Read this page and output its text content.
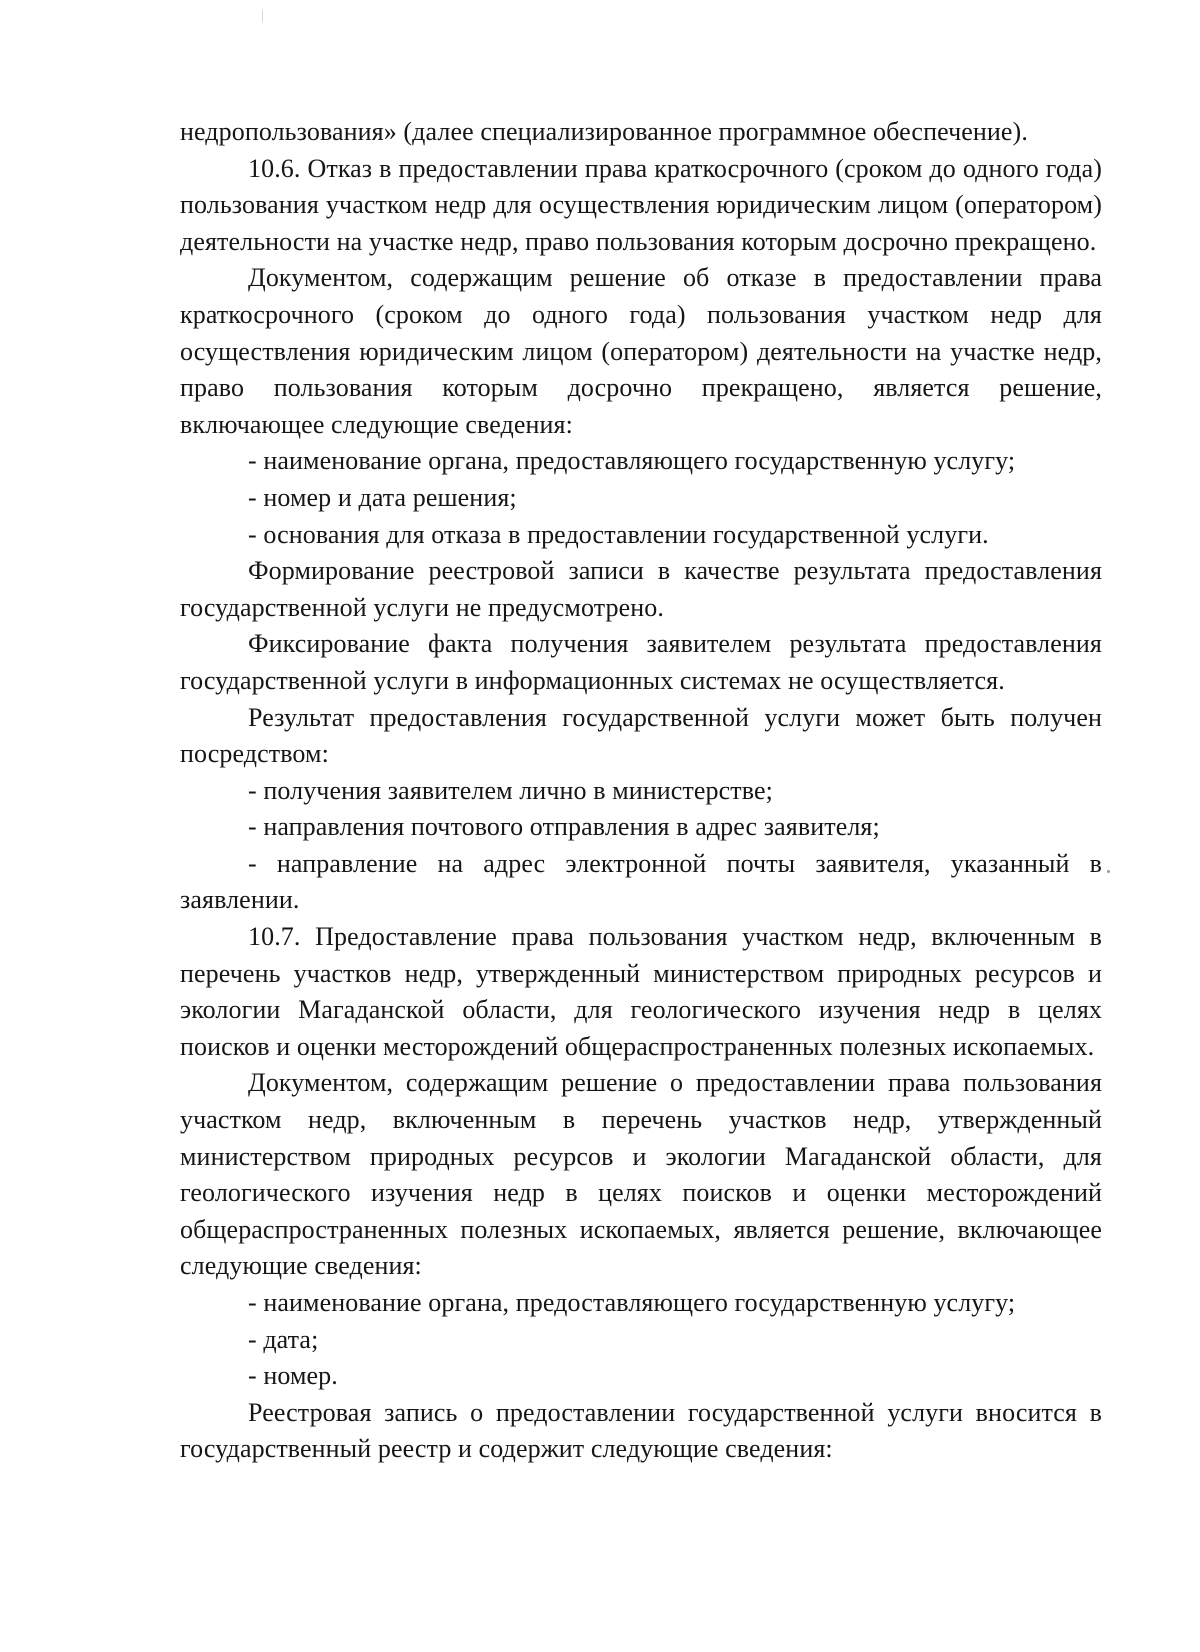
недропользования» (далее специализированное программное обеспечение).

10.6. Отказ в предоставлении права краткосрочного (сроком до одного года) пользования участком недр для осуществления юридическим лицом (оператором) деятельности на участке недр, право пользования которым досрочно прекращено.

Документом, содержащим решение об отказе в предоставлении права краткосрочного (сроком до одного года) пользования участком недр для осуществления юридическим лицом (оператором) деятельности на участке недр, право пользования которым досрочно прекращено, является решение, включающее следующие сведения:

- наименование органа, предоставляющего государственную услугу;

- номер и дата решения;

- основания для отказа в предоставлении государственной услуги.

Формирование реестровой записи в качестве результата предоставления государственной услуги не предусмотрено.

Фиксирование факта получения заявителем результата предоставления государственной услуги в информационных системах не осуществляется.

Результат предоставления государственной услуги может быть получен посредством:

- получения заявителем лично в министерстве;

- направления почтового отправления в адрес заявителя;

- направление на адрес электронной почты заявителя, указанный в заявлении.

10.7. Предоставление права пользования участком недр, включенным в перечень участков недр, утвержденный министерством природных ресурсов и экологии Магаданской области, для геологического изучения недр в целях поисков и оценки месторождений общераспространенных полезных ископаемых.

Документом, содержащим решение о предоставлении права пользования участком недр, включенным в перечень участков недр, утвержденный министерством природных ресурсов и экологии Магаданской области, для геологического изучения недр в целях поисков и оценки месторождений общераспространенных полезных ископаемых, является решение, включающее следующие сведения:

- наименование органа, предоставляющего государственную услугу;

- дата;

- номер.

Реестровая запись о предоставлении государственной услуги вносится в государственный реестр и содержит следующие сведения:
